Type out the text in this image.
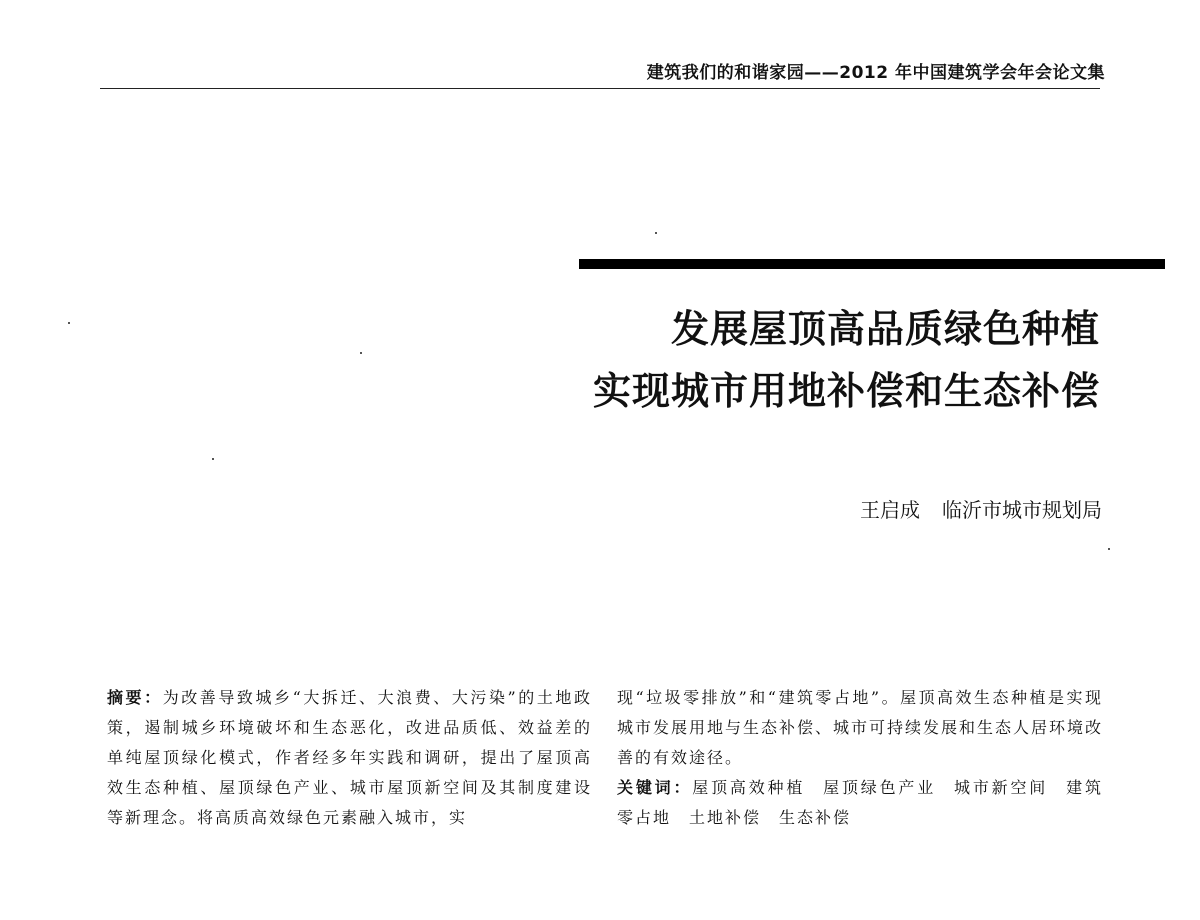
建筑我们的和谐家园——2012 年中国建筑学会年会论文集
发展屋顶高品质绿色种植
实现城市用地补偿和生态补偿
王启成 临沂市城市规划局
摘要：为改善导致城乡“大拆迁、大浪费、大污染”的土地政策，遏制城乡环境破坏和生态恶化，改进品质低、效益差的单纯屋顶绿化模式，作者经多年实践和调研，提出了屋顶高效生态种植、屋顶绿色产业、城市屋顶新空间及其制度建设等新理念。将高质高效绿色元素融入城市，实
现“垃圾零排放”和“建筑零占地”。屋顶高效生态种植是实现城市发展用地与生态补偿、城市可持续发展和生态人居环境改善的有效途径。
关键词：屋顶高效种植 屋顶绿色产业 城市新空间 建筑零占地 土地补偿 生态补偿
